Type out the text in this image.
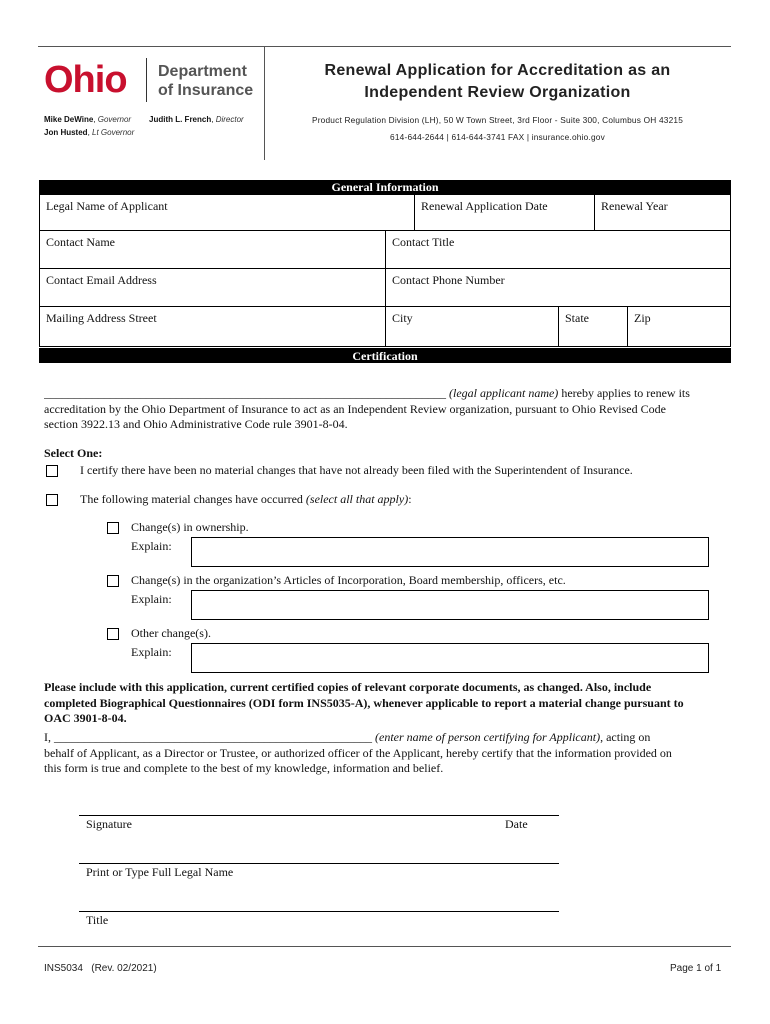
Ohio Department
of Insurance
Mike DeWine, Governor Judith L. French, Director
Jon Husted, Lt Governor
Renewal Application for Accreditation as an
Independent Review Organization
Product Regulation Division (LH), 50 W Town Street, 3rd Floor - Suite 300, Columbus OH 43215
614-644-2644 | 614-644-3741 FAX | insurance.ohio.gov
General Information
Legal Name of Applicant	Renewal Application Date	Renewal Year
Contact Name	Contact Title
Contact Email Address	Contact Phone Number
Mailing Address Street	City	State	Zip
Certification
___________________________________________________________________ (legal applicant name) hereby applies to renew its
accreditation by the Ohio Department of Insurance to act as an Independent Review organization, pursuant to Ohio Revised Code
section 3922.13 and Ohio Administrative Code rule 3901-8-04.
Select One:
I certify there have been no material changes that have not already been filed with the Superintendent of Insurance.
The following material changes have occurred (select all that apply):
Change(s) in ownership.
Explain:
Change(s) in the organization’s Articles of Incorporation, Board membership, officers, etc.
Explain:
Other change(s).
Explain:
Please include with this application, current certified copies of relevant corporate documents, as changed. Also, include
completed Biographical Questionnaires (ODI form INS5035-A), whenever applicable to report a material change pursuant to
OAC 3901-8-04.
I, _____________________________________________________ (enter name of person certifying for Applicant), acting on
behalf of Applicant, as a Director or Trustee, or authorized officer of the Applicant, hereby certify that the information provided on
this form is true and complete to the best of my knowledge, information and belief.
Signature	Date
Print or Type Full Legal Name
Title
INS5034   (Rev. 02/2021)	Page 1 of 1
